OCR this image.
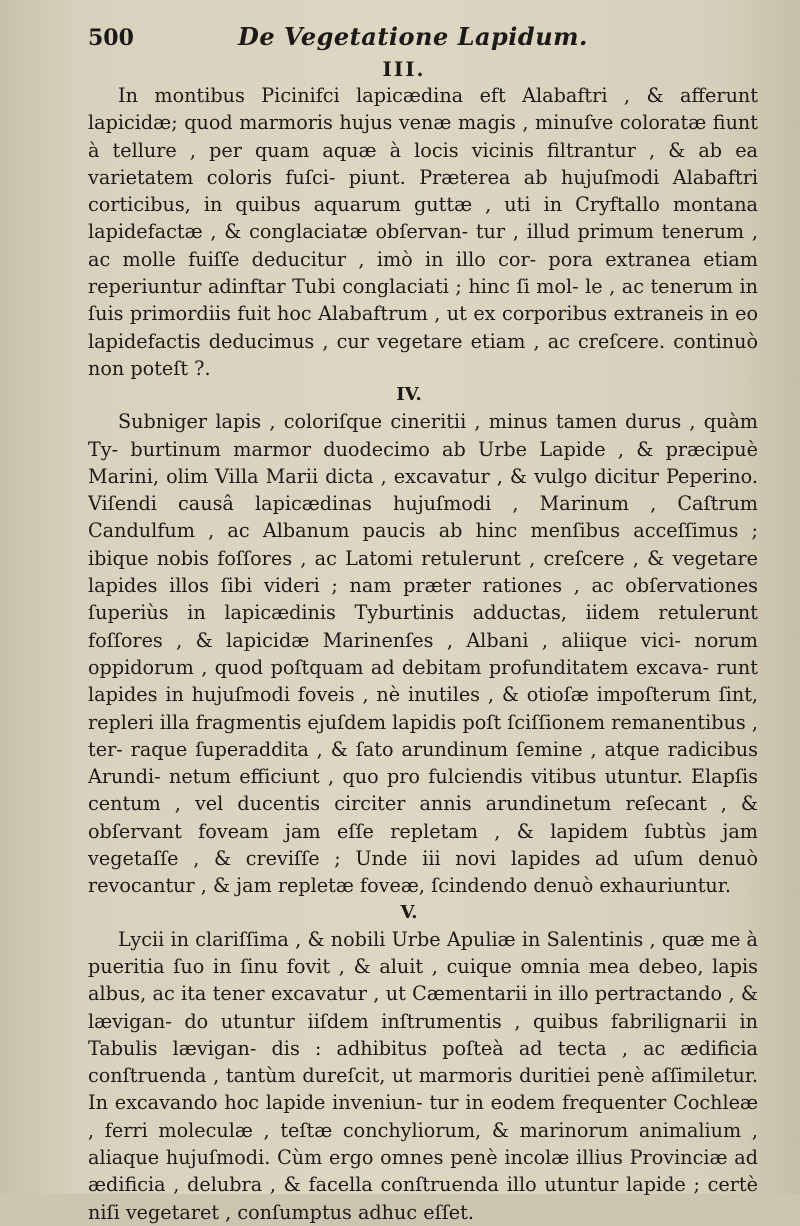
500	De Vegetatione Lapidum.
III.

In montibus Picinifci lapicædina eft Alabaftri , & afferunt lapicidæ; quod marmoris hujus venæ magis , minuſve coloratæ fiunt à tellure , per quam aquæ à locis vicinis filtrantur , & ab ea varietatem coloris fuſci- piunt. Præterea ab hujuſmodi Alabaftri corticibus, in quibus aquarum guttæ , uti in Cryftallo montana lapidefactæ , & conglaciatæ obſervan- tur , illud primum tenerum , ac molle fuiſſe deducitur , imò in illo cor- pora extranea etiam reperiuntur adinftar Tubi conglaciati ; hinc ſi mol- le , ac tenerum in ſuis primordiis fuit hoc Alabaftrum , ut ex corporibus extraneis in eo lapidefactis deducimus , cur vegetare etiam , ac creſcere. continuò non poteſt ?.

IV.

Subniger lapis , coloriſque cineritii , minus tamen durus , quàm Ty- burtinum marmor duodecimo ab Urbe Lapide , & præcipuè Marini, olim Villa Marii dicta , excavatur , & vulgo dicitur Peperino. Viſendi causâ lapicædinas hujuſmodi , Marinum , Caſtrum Candulfum , ac Albanum paucis ab hinc menſibus acceſſimus ; ibique nobis foſſores , ac Latomi retulerunt , creſcere , & vegetare lapides illos ſibi videri ; nam præter rationes , ac obſervationes ſuperiùs in lapicædinis Tyburtinis adductas, iidem retulerunt foſſores , & lapicidæ Marinenſes , Albani , aliique vici- norum oppidorum , quod poſtquam ad debitam profunditatem excava- runt lapides in hujuſmodi foveis , nè inutiles , & otioſæ impoſterum ſint, repleri illa fragmentis ejuſdem lapidis poſt ſciſſionem remanentibus , ter- raque ſuperaddita , & ſato arundinum ſemine , atque radicibus Arundi- netum efficiunt , quo pro fulciendis vitibus utuntur. Elapſis centum , vel ducentis circiter annis arundinetum reſecant , & obſervant foveam jam eſſe repletam , & lapidem ſubtùs jam vegetaſſe , & creviſſe ; Unde iii novi lapides ad uſum denuò revocantur , & jam repletæ foveæ, ſcindendo denuò exhauriuntur.

V.

Lycii in clariſſima , & nobili Urbe Apuliæ in Salentinis , quæ me à pueritia ſuo in ſinu fovit , & aluit , cuique omnia mea debeo, lapis albus, ac ita tener excavatur , ut Cæmentarii in illo pertractando , & lævigan- do utuntur iiſdem inſtrumentis , quibus fabrilignarii in Tabulis lævigan- dis : adhibitus poſteà ad tecta , ac ædificia conſtruenda , tantùm dureſcit, ut marmoris duritiei penè aſſimiletur. In excavando hoc lapide inveniun- tur in eodem frequenter Cochleæ , ferri moleculæ , teſtæ conchyliorum, & marinorum animalium , aliaque hujuſmodi. Cùm ergo omnes penè incolæ illius Provinciæ ad ædificia , delubra , & facella conſtruenda illo utuntur lapide ; certè niſi vegetaret , conſumptus adhuc eſſet.
